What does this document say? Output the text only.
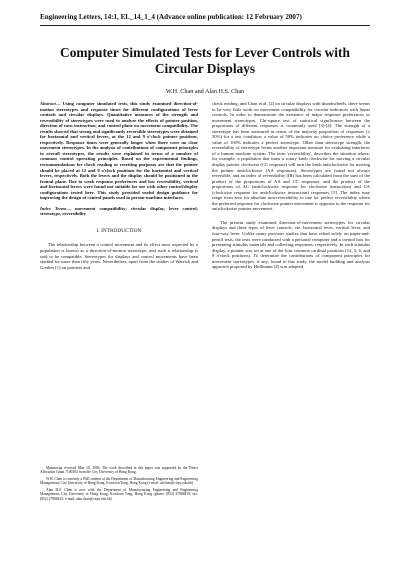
Engineering Letters, 14:1, EL_14_1_4 (Advance online publication: 12 February 2007)
Computer Simulated Tests for Lever Controls with Circular Displays
W.H. Chan and Alan H.S. Chan

Abstract— Using computer simulated tests, this study examined direction-of-motion stereotypes and response times for different configurations of lever controls and circular displays. Quantitative measures of the strength and reversibility of stereotypes were used to analyze the effects of pointer position, direction of turn instruction, and control plane on movement compatibility. The results showed that strong and significantly reversible stereotypes were obtained for horizontal and vertical levers, at the 12 and 9 o'clock pointer positions, respectively. Response times were generally longer when there were no clear movement stereotypes. In the analysis of contributions of component principles to overall stereotypes, the results were explained in terms of a number of common control operating principles. Based on the experimental findings, recommendations for check reading or resetting purposes are that the pointer should be placed at 12 and 9 o'clock positions for the horizontal and vertical levers, respectively. Both the levers and the display should be positioned in the frontal plane. Due to weak response preferences and low reversibility, vertical and horizontal levers were found not suitable for use with other control/display configurations tested here. This study provided useful design guidance for improving the design of control panels used in person-machine interfaces.

Index Terms— movement compatibility; circular display, lever control; stereotype, reversibility

I. INTRODUCTION

The relationship between a control movement and its effect most expected by a population is known as a direction-of-motion stereotype, and such a relationship is said to be compatible. Stereotypes for displays and control movements have been studied for more than fifty years. Nevertheless, apart from the studies of Warrick and Grether [1] on pointers and

Manuscript received May 10, 2006. The work described in this paper was supported by the Direct Allocation Grant 7100304 from the City University of Hong Kong.

W.H. Chan is currently a PhD student of the Department of Manufacturing Engineering and Engineering Management, City University of Hong Kong, Kowloon Tong, Hong Kong (e-mail: whchan@cityu.edu.hk)

Alan H.S. Chan is now with the Department of Manufacturing Engineering and Engineering Management, City University of Hong Kong, Kowloon Tong, Hong Kong (phone: (852) 27888439; fax: (852) 27888423; e-mail: alan.chan@cityu.edu.hk)

check reading, and Chan et al. [2] on circular displays with thumbwheels, there seems to be very little work on movement compatibility for circular indicators with linear controls. In order to demonstrate the existence of major response preferences or movement stereotypes, Chi-square test of statistical significance between the proportions of different responses is commonly used [3]-[4]. The strength of a stereotype has been measured in terms of the majority proportion of responses (≥ 50%) for a test condition; a value of 50% indicates no choice preference while a value of 100% indicates a perfect stereotype. Other than stereotype strength, the reversibility of stereotype forms another important measure for evaluating interfaces of a human machine system. The term 'reversibility', describes the situation where, for example, a population that turns a rotary knob clockwise for moving a circular display pointer clockwise (CC response) will turn the knob anticlockwise for moving the pointer anticlockwise (AA responses). Stereotypes are found not always reversible, and an index of reversibility (IR) has been calculated from the sum of the product of the proportions of AA and CC responses, and the product of the proportions of AC (anticlockwise response for clockwise instruction) and CA (clockwise response for anticlockwise instruction) responses [5]. The index may range from zero for absolute non-reversibility to one for perfect reversibility where the preferred response for clockwise pointer movement is opposite to the response for anticlockwise pointer movement.

The present study examined direction-of-movement stereotypes for circular displays and three types of lever controls, viz. horizontal lever, vertical lever, and four-way lever. Unlike many previous studies that have relied solely on paper-and-pencil tests, the tests were conducted with a personal computer and a control box for presenting stimulus materials and collecting responses, respectively. In each stimulus display, a pointer was set at one of the four common cardinal positions (12, 3, 6, and 9 o'clock positions). To determine the contributions of component principles for movement stereotypes, if any, found in this study, the model building and analysis approach proposed by Hoffmann [4] was adopted.
